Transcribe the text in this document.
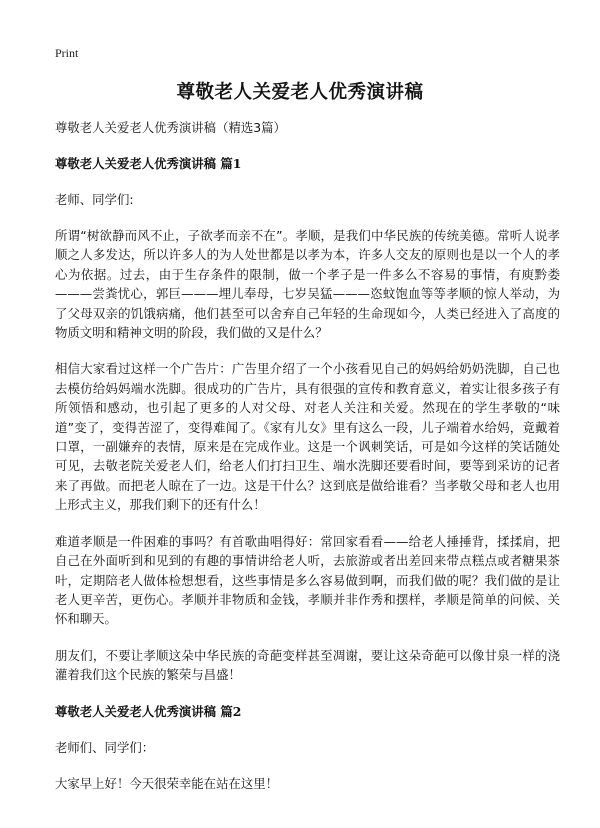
Print
尊敬老人关爱老人优秀演讲稿

尊敬老人关爱老人优秀演讲稿（精选3篇）

尊敬老人关爱老人优秀演讲稿 篇1

老师、同学们:

所谓“树欲静而风不止，子欲孝而亲不在”。孝顺，是我们中华民族的传统美德。常听人说孝顺之人多发达，所以许多人的为人处世都是以孝为本，许多人交友的原则也是以一个人的孝心为依据。过去，由于生存条件的限制，做一个孝子是一件多么不容易的事情，有庾黔娄———尝粪忧心，郭巨———埋儿奉母，七岁吴猛———恣蚊饱血等等孝顺的惊人举动，为了父母双亲的饥饿病痛，他们甚至可以舍弃自己年轻的生命现如今，人类已经进入了高度的物质文明和精神文明的阶段，我们做的又是什么？

相信大家看过这样一个广告片：广告里介绍了一个小孩看见自己的妈妈给奶奶洗脚，自己也去模仿给妈妈端水洗脚。很成功的广告片，具有很强的宣传和教育意义，着实让很多孩子有所领悟和感动，也引起了更多的人对父母、对老人关注和关爱。然现在的学生孝敬的“味道”变了，变得苦涩了，变得难闻了。《家有儿女》里有这么一段，儿子端着水给妈，竟戴着口罩，一副嫌弃的表情，原来是在完成作业。这是一个讽刺笑话，可是如今这样的笑话随处可见，去敬老院关爱老人们，给老人们打扫卫生、端水洗脚还要看时间，要等到采访的记者来了再做。而把老人晾在了一边。这是干什么？这到底是做给谁看？当孝敬父母和老人也用上形式主义，那我们剩下的还有什么！

难道孝顺是一件困难的事吗？有首歌曲唱得好：常回家看看——给老人捶捶背，揉揉肩，把自己在外面听到和见到的有趣的事情讲给老人听，去旅游或者出差回来带点糕点或者糖果茶叶，定期陪老人做体检想想看，这些事情是多么容易做到啊，而我们做的呢？我们做的是让老人更辛苦，更伤心。孝顺并非物质和金钱，孝顺并非作秀和摆样，孝顺是简单的问候、关怀和聊天。

朋友们，不要让孝顺这朵中华民族的奇葩变样甚至凋谢，要让这朵奇葩可以像甘泉一样的浇灌着我们这个民族的繁荣与昌盛！

尊敬老人关爱老人优秀演讲稿 篇2

老师们、同学们：

大家早上好！今天很荣幸能在站在这里！
